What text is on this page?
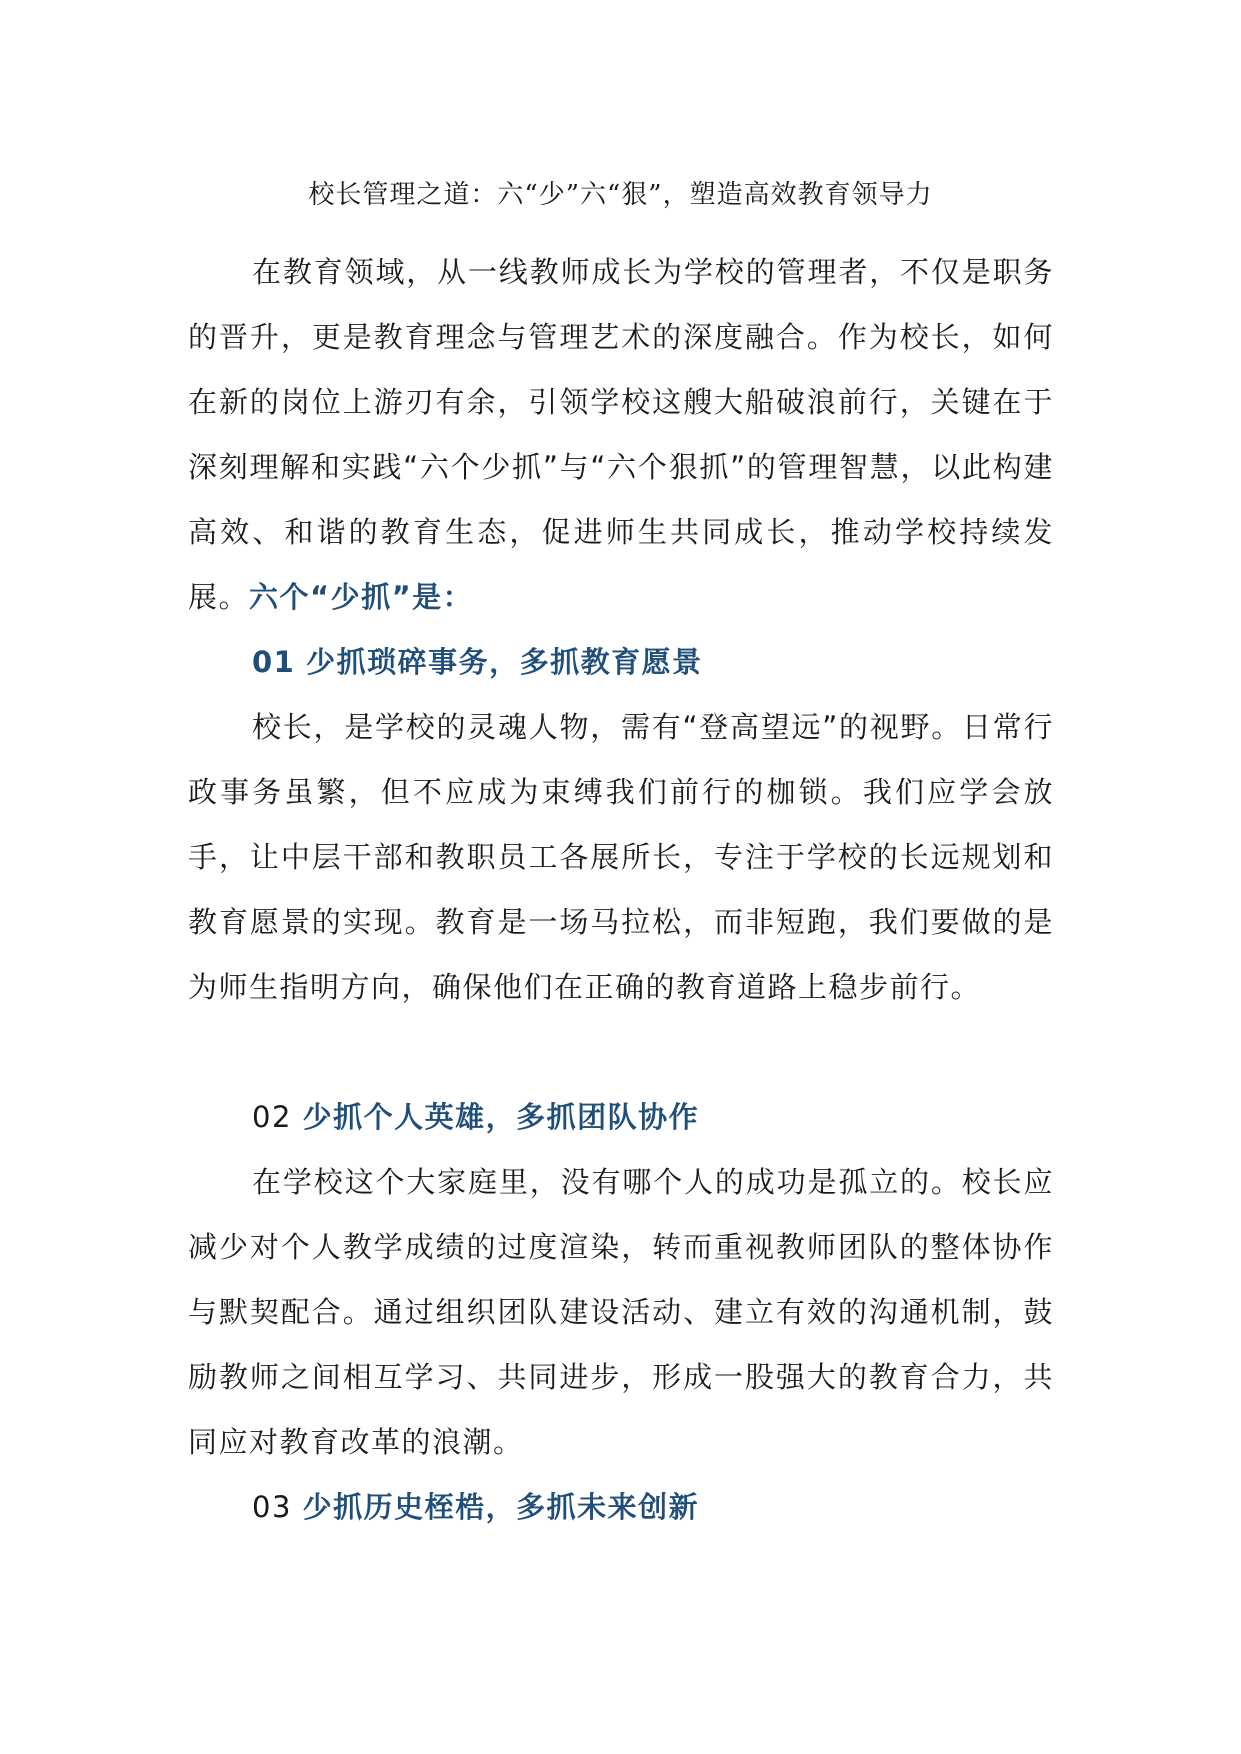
校长管理之道：六“少”六“狠”，塑造高效教育领导力
在教育领域，从一线教师成长为学校的管理者，不仅是职务的晋升，更是教育理念与管理艺术的深度融合。作为校长，如何在新的岗位上游刃有余，引领学校这艘大船破浪前行，关键在于深刻理解和实践“六个少抓”与“六个狠抓”的管理智慧，以此构建高效、和谐的教育生态，促进师生共同成长，推动学校持续发展。六个“少抓”是：
01 少抓琐碎事务，多抓教育愿景
校长，是学校的灵魂人物，需有“登高望远”的视野。日常行政事务虽繁，但不应成为束缚我们前行的枷锁。我们应学会放手，让中层干部和教职员工各展所长，专注于学校的长远规划和教育愿景的实现。教育是一场马拉松，而非短跑，我们要做的是为师生指明方向，确保他们在正确的教育道路上稳步前行。
02 少抓个人英雄，多抓团队协作
在学校这个大家庭里，没有哪个人的成功是孤立的。校长应减少对个人教学成绩的过度渲染，转而重视教师团队的整体协作与默契配合。通过组织团队建设活动、建立有效的沟通机制，鼓励教师之间相互学习、共同进步，形成一股强大的教育合力，共同应对教育改革的浪潮。
03 少抓历史桎梏，多抓未来创新
